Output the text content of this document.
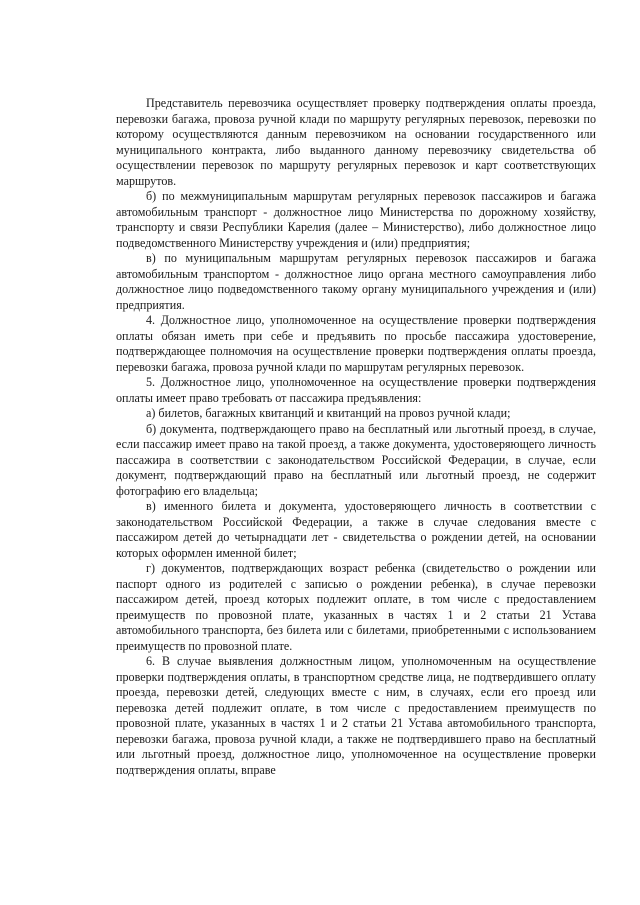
Представитель перевозчика осуществляет проверку подтверждения оплаты проезда, перевозки багажа, провоза ручной клади по маршруту регулярных перевозок, перевозки по которому осуществляются данным перевозчиком на основании государственного или муниципального контракта, либо выданного данному перевозчику свидетельства об осуществлении перевозок по маршруту регулярных перевозок и карт соответствующих маршрутов.

б) по межмуниципальным маршрутам регулярных перевозок пассажиров и багажа автомобильным транспорт - должностное лицо Министерства по дорожному хозяйству, транспорту и связи Республики Карелия (далее – Министерство), либо должностное лицо подведомственного Министерству учреждения и (или) предприятия;

в) по муниципальным маршрутам регулярных перевозок пассажиров и багажа автомобильным транспортом - должностное лицо органа местного самоуправления либо должностное лицо подведомственного такому органу муниципального учреждения и (или) предприятия.

4. Должностное лицо, уполномоченное на осуществление проверки подтверждения оплаты обязан иметь при себе и предъявить по просьбе пассажира удостоверение, подтверждающее полномочия на осуществление проверки подтверждения оплаты проезда, перевозки багажа, провоза ручной клади по маршрутам регулярных перевозок.

5. Должностное лицо, уполномоченное на осуществление проверки подтверждения оплаты имеет право требовать от пассажира предъявления:

а) билетов, багажных квитанций и квитанций на провоз ручной клади;

б) документа, подтверждающего право на бесплатный или льготный проезд, в случае, если пассажир имеет право на такой проезд, а также документа, удостоверяющего личность пассажира в соответствии с законодательством Российской Федерации, в случае, если документ, подтверждающий право на бесплатный или льготный проезд, не содержит фотографию его владельца;

в) именного билета и документа, удостоверяющего личность в соответствии с законодательством Российской Федерации, а также в случае следования вместе с пассажиром детей до четырнадцати лет - свидетельства о рождении детей, на основании которых оформлен именной билет;

г) документов, подтверждающих возраст ребенка (свидетельство о рождении или паспорт одного из родителей с записью о рождении ребенка), в случае перевозки пассажиром детей, проезд которых подлежит оплате, в том числе с предоставлением преимуществ по провозной плате, указанных в частях 1 и 2 статьи 21 Устава автомобильного транспорта, без билета или с билетами, приобретенными с использованием преимуществ по провозной плате.

6. В случае выявления должностным лицом, уполномоченным на осуществление проверки подтверждения оплаты, в транспортном средстве лица, не подтвердившего оплату проезда, перевозки детей, следующих вместе с ним, в случаях, если его проезд или перевозка детей подлежит оплате, в том числе с предоставлением преимуществ по провозной плате, указанных в частях 1 и 2 статьи 21 Устава автомобильного транспорта, перевозки багажа, провоза ручной клади, а также не подтвердившего право на бесплатный или льготный проезд, должностное лицо, уполномоченное на осуществление проверки подтверждения оплаты, вправе
